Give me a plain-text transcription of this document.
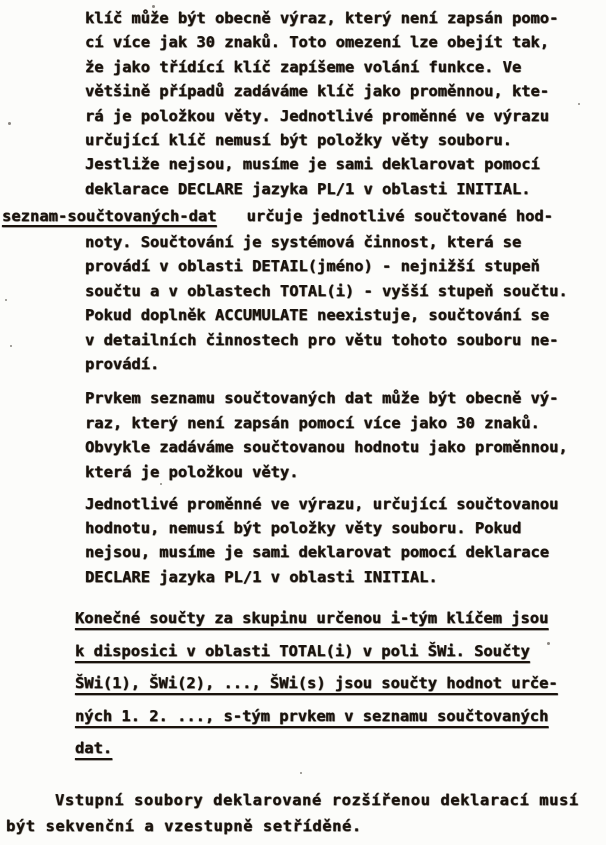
klíč může být obecně výraz, který není zapsán pomo-
cí více jak 30 znaků. Toto omezení lze obejít tak,
že jako třídící klíč zapíšeme volání funkce. Ve
většině případů zadáváme klíč jako proměnnou, kte-
rá je položkou věty. Jednotlivé proměnné ve výrazu
určující klíč nemusí být položky věty souboru.
Jestliže nejsou, musíme je sami deklarovat pomocí
deklarace DECLARE jazyka PL/1 v oblasti INITIAL.
seznam-součtovaných-dat určuje jednotlivé součtované hod-
noty. Součtování je systémová činnost, která se
provádí v oblasti DETAIL(jméno) - nejnižší stupeň
součtu a v oblastech TOTAL(i) - vyšší stupeň součtu.
Pokud doplněk ACCUMULATE neexistuje, součtování se
v detailních činnostech pro větu tohoto souboru ne-
provádí.
Prvkem seznamu součtovaných dat může být obecně vý-
raz, který není zapsán pomocí více jako 30 znaků.
Obvykle zadáváme součtovanou hodnotu jako proměnnou,
která je položkou věty.
Jednotlivé proměnné ve výrazu, určující součtovanou
hodnotu, nemusí být položky věty souboru. Pokud
nejsou, musíme je sami deklarovat pomocí deklarace
DECLARE jazyka PL/1 v oblasti INITIAL.
Konečné součty za skupinu určenou i-tým klíčem jsou
k disposici v oblasti TOTAL(i) v poli ŠWi. Součty
ŠWi(1), ŠWi(2), ..., ŠWi(s) jsou součty hodnot urče-
ných 1. 2. ..., s-tým prvkem v seznamu součtovaných
dat.
Vstupní soubory deklarované rozšířenou deklarací musí
být sekvenční a vzestupně setříděné.
